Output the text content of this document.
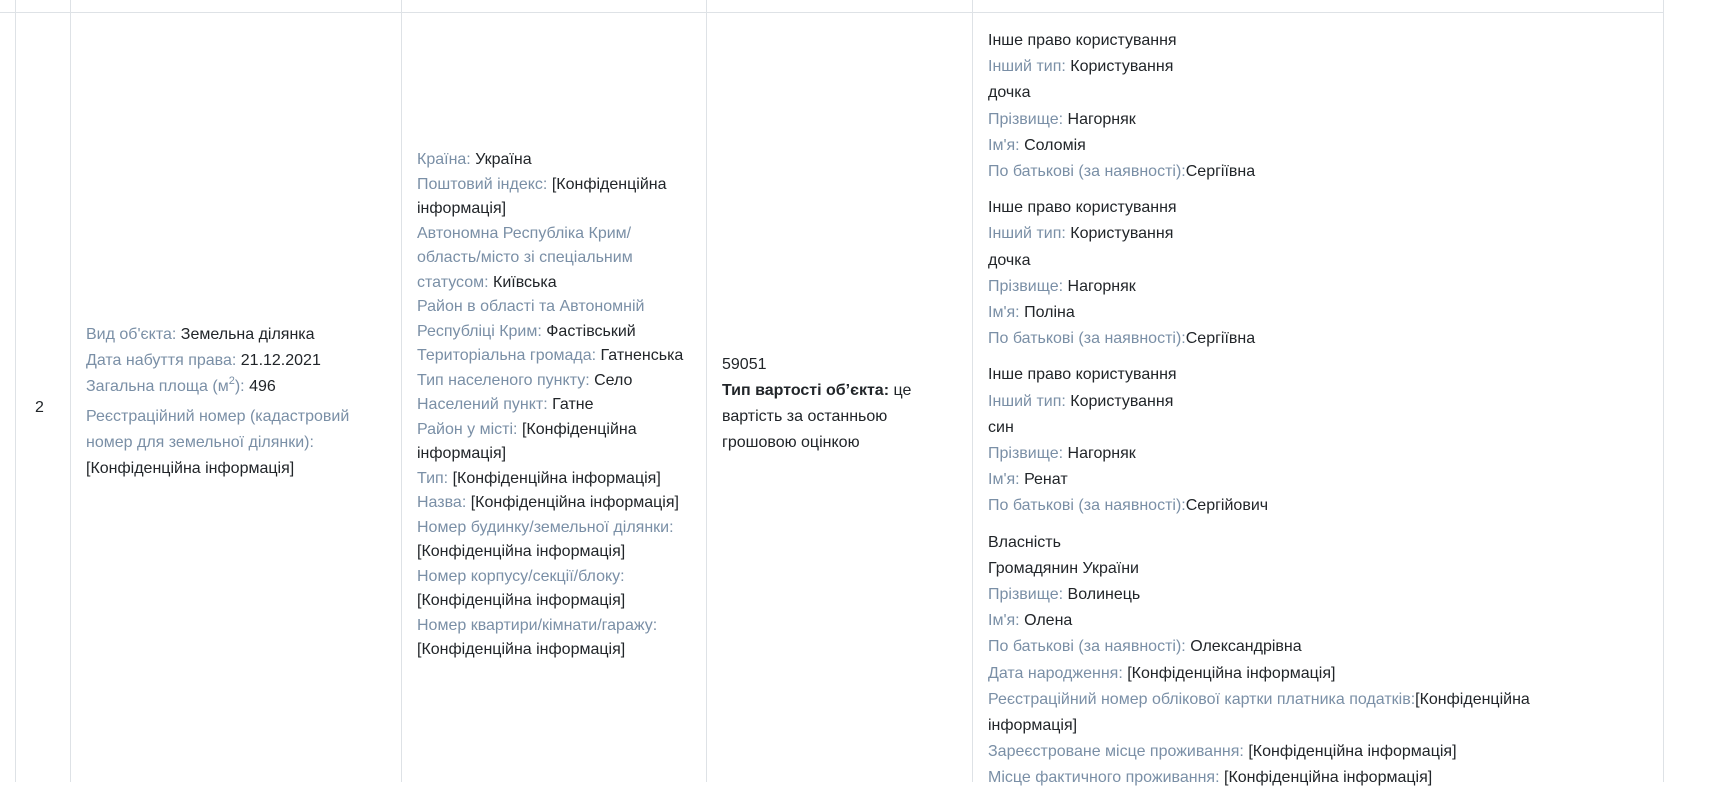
2
Вид об'єкта: Земельна ділянка
Дата набуття права: 21.12.2021
Загальна площа $(м^2)$: 496
Реєстраційний номер (кадастровий
номер для земельної ділянки):
[Конфіденційна інформація]
Країна: Україна
Поштовий індекс: [Конфіденційна
інформація]
Автономна Республіка Крим/
область/місто зі спеціальним
статусом: Київська
Район в області та Автономній
Республіці Крим: Фастівський
Територіальна громада: Гатненська
Тип населеного пункту: Село
Населений пункт: Гатне
Район у місті: [Конфіденційна
інформація]
Тип: [Конфіденційна інформація]
Назва: [Конфіденційна інформація]
Номер будинку/земельної ділянки:
[Конфіденційна інформація]
Номер корпусу/секції/блоку:
[Конфіденційна інформація]
Номер квартири/кімнати/гаражу:
[Конфіденційна інформація]
59051
Тип вартості об’єкта: це
вартість за останньою
грошовою оцінкою
Інше право користування
Інший тип: Користування
дочка
Прізвище: Нагорняк
Ім'я: Соломія
По батькові (за наявності):Сергіївна
Інше право користування
Інший тип: Користування
дочка
Прізвище: Нагорняк
Ім'я: Поліна
По батькові (за наявності):Сергіївна
Інше право користування
Інший тип: Користування
син
Прізвище: Нагорняк
Ім'я: Ренат
По батькові (за наявності):Сергійович
Власність
Громадянин України
Прізвище: Волинець
Ім'я: Олена
По батькові (за наявності): Олександрівна
Дата народження: [Конфіденційна інформація]
Реєстраційний номер облікової картки платника податків:[Конфіденційна
інформація]
Зареєстроване місце проживання: [Конфіденційна інформація]
Місце фактичного проживання: [Конфіденційна інформація]
